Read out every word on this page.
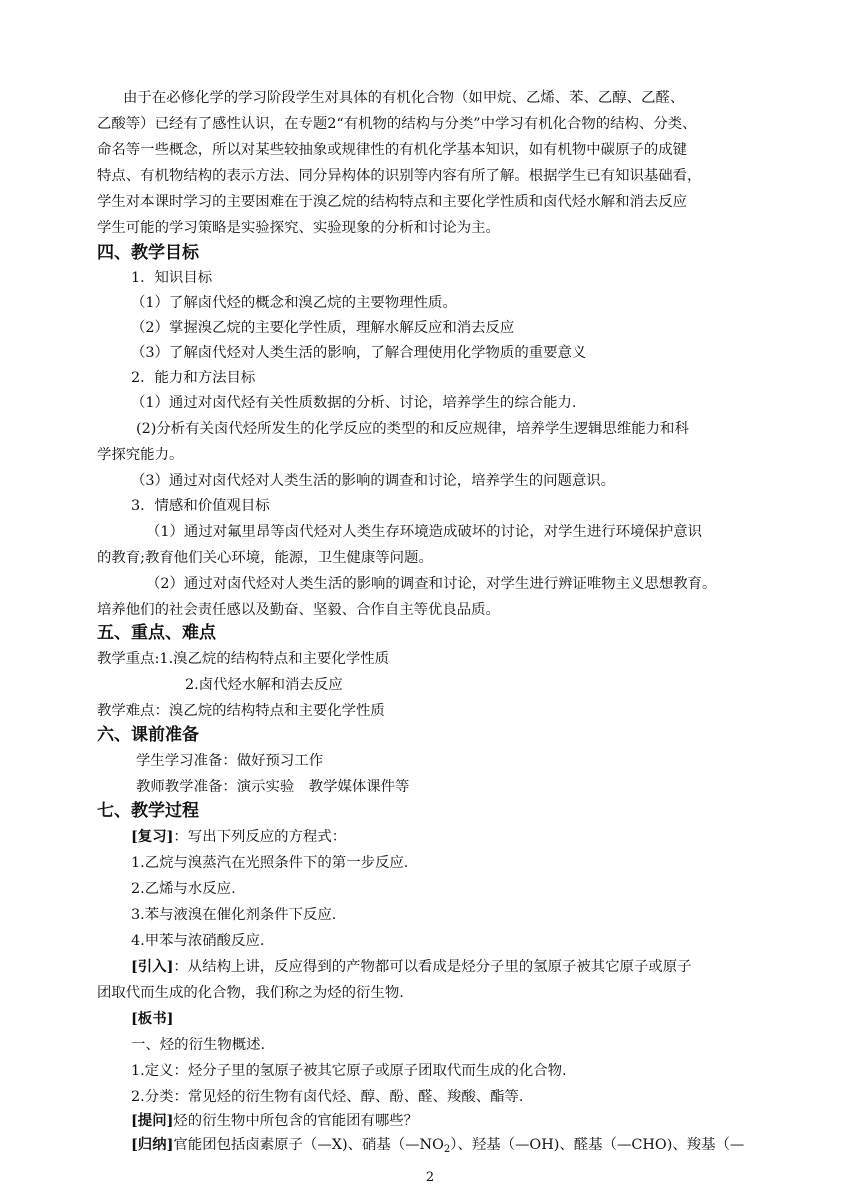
由于在必修化学的学习阶段学生对具体的有机化合物（如甲烷、乙烯、苯、乙醇、乙醛、
乙酸等）已经有了感性认识，在专题2“有机物的结构与分类”中学习有机化合物的结构、分类、
命名等一些概念，所以对某些较抽象或规律性的有机化学基本知识，如有机物中碳原子的成键
特点、有机物结构的表示方法、同分异构体的识别等内容有所了解。根据学生已有知识基础看，
学生对本课时学习的主要困难在于溴乙烷的结构特点和主要化学性质和卤代烃水解和消去反应
学生可能的学习策略是实验探究、实验现象的分析和讨论为主。
四、教学目标
1．知识目标
（1）了解卤代烃的概念和溴乙烷的主要物理性质。
（2）掌握溴乙烷的主要化学性质，理解水解反应和消去反应
（3）了解卤代烃对人类生活的影响，了解合理使用化学物质的重要意义
2．能力和方法目标
（1）通过对卤代烃有关性质数据的分析、讨论，培养学生的综合能力．
(2)分析有关卤代烃所发生的化学反应的类型的和反应规律，培养学生逻辑思维能力和科
学探究能力。
（3）通过对卤代烃对人类生活的影响的调查和讨论，培养学生的问题意识。
3．情感和价值观目标
（1）通过对氟里昂等卤代烃对人类生存环境造成破坏的讨论，对学生进行环境保护意识
的教育;教育他们关心环境，能源，卫生健康等问题。
（2）通过对卤代烃对人类生活的影响的调查和讨论，对学生进行辨证唯物主义思想教育。
培养他们的社会责任感以及勤奋、坚毅、合作自主等优良品质。
五、重点、难点
教学重点:1.溴乙烷的结构特点和主要化学性质
2.卤代烃水解和消去反应
教学难点：溴乙烷的结构特点和主要化学性质
六、课前准备
学生学习准备：做好预习工作
教师教学准备：演示实验　教学媒体课件等
七、教学过程
[复习]：写出下列反应的方程式：
1.乙烷与溴蒸汽在光照条件下的第一步反应.
2.乙烯与水反应.
3.苯与液溴在催化剂条件下反应.
4.甲苯与浓硝酸反应.
[引入]：从结构上讲，反应得到的产物都可以看成是烃分子里的氢原子被其它原子或原子
团取代而生成的化合物，我们称之为烃的衍生物.
[板书]
一、烃的衍生物概述.
1.定义：烃分子里的氢原子被其它原子或原子团取代而生成的化合物.
2.分类：常见烃的衍生物有卤代烃、醇、酚、醛、羧酸、酯等.
[提问]烃的衍生物中所包含的官能团有哪些？
[归纳]官能团包括卤素原子（—X)、硝基$(—NO_2)$、羟基（—OH)、醛基（—CHO)、羧基（—
2
